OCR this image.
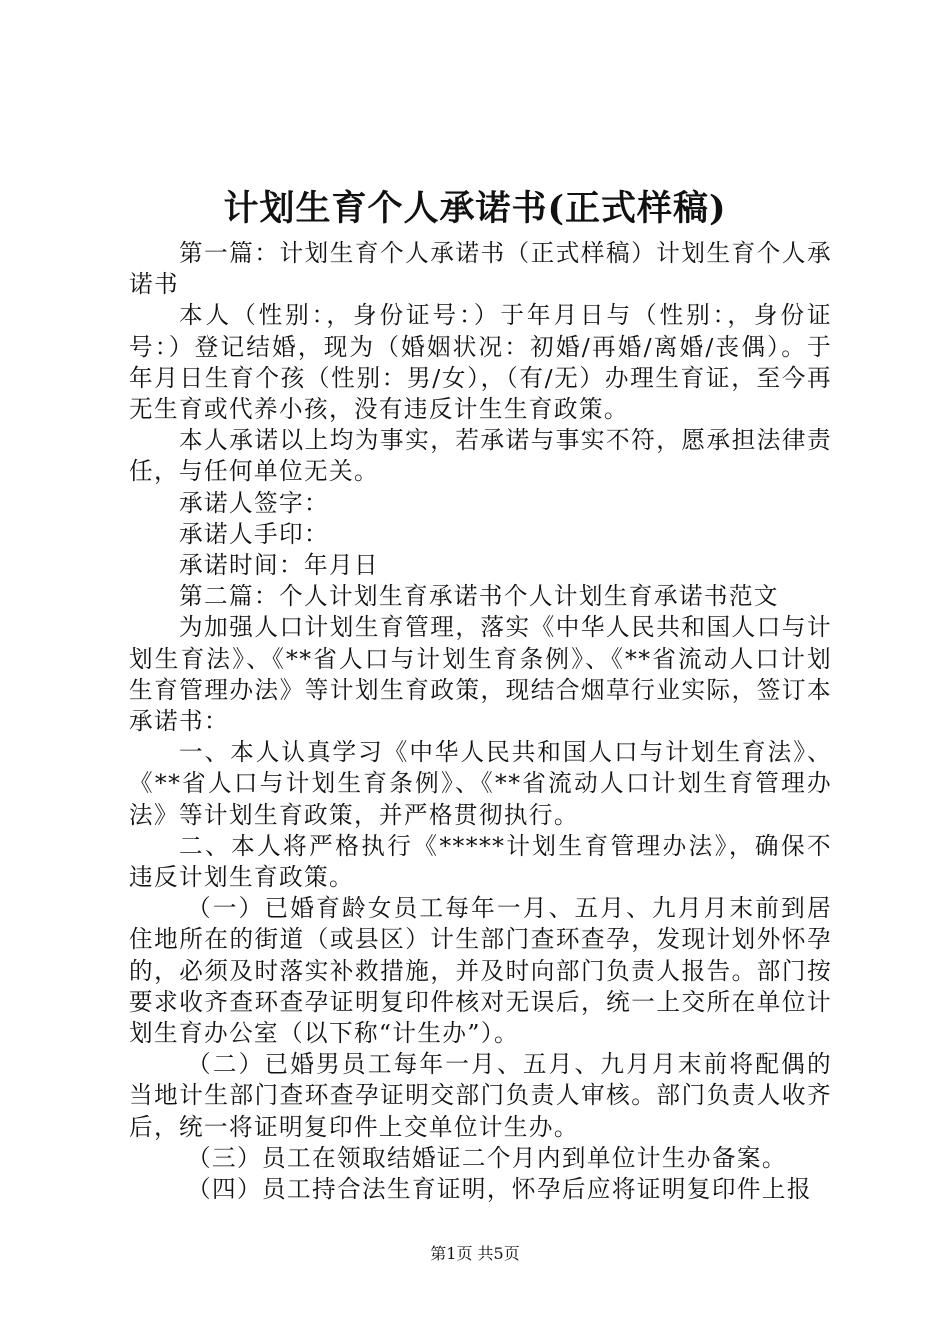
计划生育个人承诺书(正式样稿)

第一篇：计划生育个人承诺书（正式样稿）计划生育个人承诺书

本人（性别：，身份证号：）于年月日与（性别：，身份证号：）登记结婚，现为（婚姻状况：初婚/再婚/离婚/丧偶）。于年月日生育个孩（性别：男/女），（有/无）办理生育证，至今再无生育或代养小孩，没有违反计生生育政策。

本人承诺以上均为事实，若承诺与事实不符，愿承担法律责任，与任何单位无关。

承诺人签字：

承诺人手印：

承诺时间：年月日

第二篇：个人计划生育承诺书个人计划生育承诺书范文

为加强人口计划生育管理，落实《中华人民共和国人口与计划生育法》、《**省人口与计划生育条例》、《**省流动人口计划生育管理办法》等计划生育政策，现结合烟草行业实际，签订本承诺书：

一、本人认真学习《中华人民共和国人口与计划生育法》、《**省人口与计划生育条例》、《**省流动人口计划生育管理办法》等计划生育政策，并严格贯彻执行。

二、本人将严格执行《*****计划生育管理办法》，确保不违反计划生育政策。

（一）已婚育龄女员工每年一月、五月、九月月末前到居住地所在的街道（或县区）计生部门查环查孕，发现计划外怀孕的，必须及时落实补救措施，并及时向部门负责人报告。部门按要求收齐查环查孕证明复印件核对无误后，统一上交所在单位计划生育办公室（以下称“计生办”）。

（二）已婚男员工每年一月、五月、九月月末前将配偶的当地计生部门查环查孕证明交部门负责人审核。部门负责人收齐后，统一将证明复印件上交单位计生办。

（三）员工在领取结婚证二个月内到单位计生办备案。

（四）员工持合法生育证明，怀孕后应将证明复印件上报

第1页 共5页
